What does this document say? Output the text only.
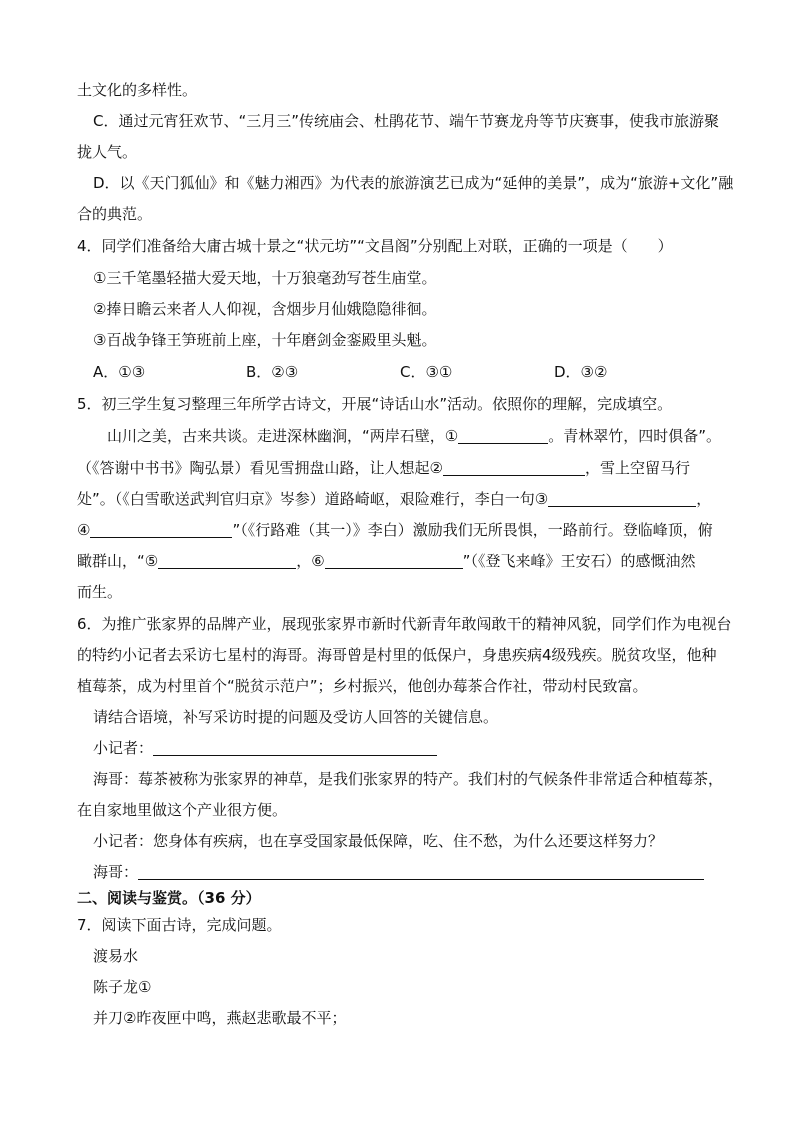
土文化的多样性。
C．通过元宵狂欢节、“三月三”传统庙会、杜鹃花节、端午节赛龙舟等节庆赛事，使我市旅游聚
拢人气。
D．以《天门狐仙》和《魅力湘西》为代表的旅游演艺已成为“延伸的美景”，成为“旅游+文化”融
合的典范。
4．同学们准备给大庸古城十景之“状元坊”“文昌阁”分别配上对联，正确的一项是（　　）
①三千笔墨轻描大爱天地，十万狼毫劲写苍生庙堂。
②捧日瞻云来者人人仰视，含烟步月仙娥隐隐徘徊。
③百战争锋王笋班前上座，十年磨剑金銮殿里头魁。
A．①③	B．②③	C．③①	D．③②
5．初三学生复习整理三年所学古诗文，开展“诗话山水”活动。依照你的理解，完成填空。
山川之美，古来共谈。走进深林幽涧，“两岸石壁，①	。青林翠竹，四时俱备”。
（《答谢中书书》陶弘景）看见雪拥盘山路，让人想起②	，雪上空留马行
处”。（《白雪歌送武判官归京》岑参）道路崎岖，艰险难行，李白一句③	，
④	”（《行路难（其一）》李白）激励我们无所畏惧，一路前行。登临峰顶，俯
瞰群山，“⑤	，⑥	”（《登飞来峰》王安石）的感慨油然
而生。
6．为推广张家界的品牌产业，展现张家界市新时代新青年敢闯敢干的精神风貌，同学们作为电视台
的特约小记者去采访七星村的海哥。海哥曾是村里的低保户，身患疾病4级残疾。脱贫攻坚，他种
植莓茶，成为村里首个“脱贫示范户”；乡村振兴，他创办莓茶合作社，带动村民致富。
请结合语境，补写采访时提的问题及受访人回答的关键信息。
小记者：
海哥：莓茶被称为张家界的神草，是我们张家界的特产。我们村的气候条件非常适合种植莓茶，
在自家地里做这个产业很方便。
小记者：您身体有疾病，也在享受国家最低保障，吃、住不愁，为什么还要这样努力？
海哥：
二、阅读与鉴赏。（36 分）
7．阅读下面古诗，完成问题。
渡易水
陈子龙①
并刀②昨夜匣中鸣，燕赵悲歌最不平；
